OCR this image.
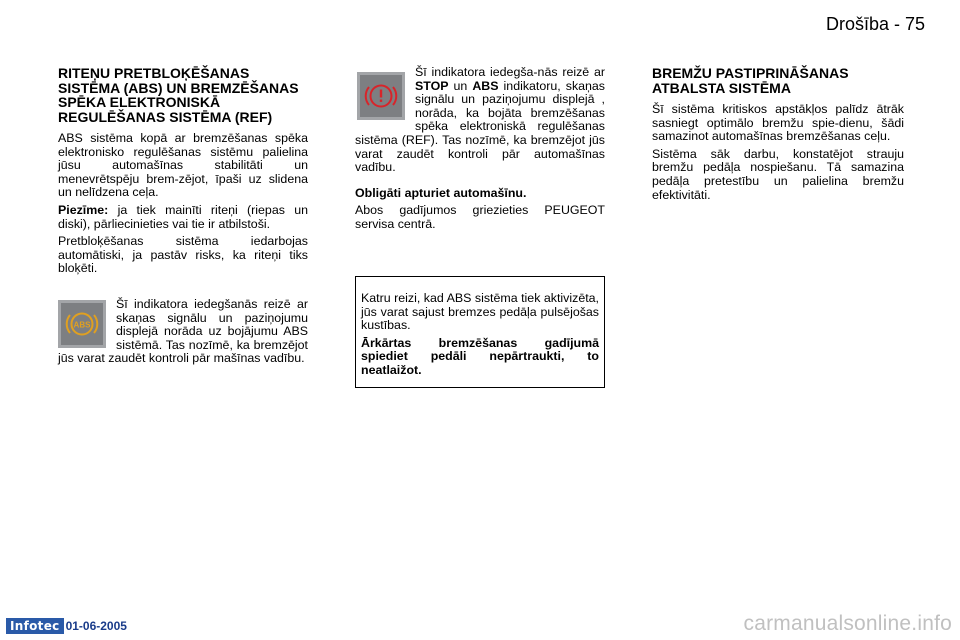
Drošība - 75
RITEŅU PRETBLOĶĒŠANAS SISTĒMA (ABS) UN BREMZĒŠANAS SPĒKA ELEKTRONISKĀ REGULĒŠANAS SISTĒMA (REF)

ABS sistēma kopā ar bremzēšanas spēka elektronisko regulēšanas sistēmu palielina jūsu automašīnas stabilitāti un menevrētspēju brem-zējot, īpaši uz slidena un nelīdzena ceļa.

Piezīme: ja tiek mainīti riteņi (riepas un diski), pārliecinieties vai tie ir atbilstoši.

Pretbloķēšanas sistēma iedarbojas automātiski, ja pastāv risks, ka riteņi tiks bloķēti.

ABS

Šī indikatora iedegšanās reizē ar skaņas signālu un paziņojumu displejā norāda uz bojājumu ABS sistēmā. Tas nozīmē, ka bremzējot jūs varat zaudēt kontroli pār mašīnas vadību.

Šī indikatora iedegša-nās reizē ar STOP un ABS indikatoru, skaņas signālu un paziņojumu displejā , norāda, ka bojāta bremzēšanas spēka elektroniskā regulēšanas sistēma (REF). Tas nozīmē, ka bremzējot jūs varat zaudēt kontroli pār automašīnas vadību.

Obligāti apturiet automašīnu.

Abos gadījumos griezieties PEUGEOT servisa centrā.

Katru reizi, kad ABS sistēma tiek aktivizēta, jūs varat sajust bremzes pedāļa pulsējošas kustības.

Ārkārtas bremzēšanas gadījumā spiediet pedāli nepārtraukti, to neatlaižot.

BREMŽU PASTIPRINĀŠANAS ATBALSTA SISTĒMA

Šī sistēma kritiskos apstākļos palīdz ātrāk sasniegt optimālo bremžu spie-dienu, šādi samazinot automašīnas bremzēšanas ceļu.

Sistēma sāk darbu, konstatējot strauju bremžu pedāļa nospiešanu. Tā samazina pedāļa pretestību un palielina bremžu efektivitāti.

Infotec 01-06-2005	carmanualsonline.info
